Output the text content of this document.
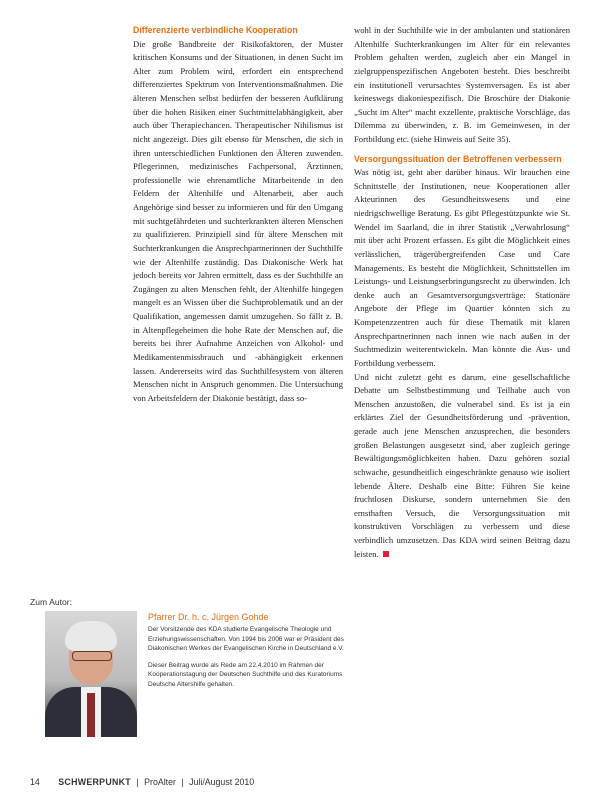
Differenzierte verbindliche Kooperation

Die große Bandbreite der Risikofaktoren, der Muster kritischen Konsums und der Situationen, in denen Sucht im Alter zum Problem wird, erfordert ein entsprechend differenziertes Spektrum von Interventionsmaßnahmen. Die älteren Menschen selbst bedürfen der besseren Aufklärung über die hohen Risiken einer Suchtmittelabhängigkeit, aber auch über Therapiechancen. Therapeutischer Nihilismus ist nicht angezeigt. Dies gilt ebenso für Menschen, die sich in ihren unterschiedlichen Funktionen den Älteren zuwenden. Pflegerinnen, medizinisches Fachpersonal, Ärztinnen, professionelle wie ehrenamtliche Mitarbeitende in den Feldern der Altenhilfe und Altenarbeit, aber auch Angehörige sind besser zu informieren und für den Umgang mit suchtgefährdeten und suchterkrankten älteren Menschen zu qualifizieren. Prinzipiell sind für ältere Menschen mit Suchterkrankungen die Ansprechpartnerinnen der Suchthilfe wie der Altenhilfe zuständig. Das Diakonische Werk hat jedoch bereits vor Jahren ermittelt, dass es der Suchthilfe an Zugängen zu alten Menschen fehlt, der Altenhilfe hingegen mangelt es an Wissen über die Suchtproblematik und an der Qualifikation, angemessen damit umzugehen. So fällt z. B. in Altenpflegeheimen die hohe Rate der Menschen auf, die bereits bei ihrer Aufnahme Anzeichen von Alkohol- und Medikamentenmissbrauch und -abhängigkeit erkennen lassen. Andererseits wird das Suchthilfesystem von älteren Menschen nicht in Anspruch genommen. Die Untersuchung von Arbeitsfeldern der Diakonie bestätigt, dass so-

wohl in der Suchthilfe wie in der ambulanten und stationären Altenhilfe Suchterkrankungen im Alter für ein relevantes Problem gehalten werden, zugleich aber ein Mangel in zielgruppenspezifischen Angeboten besteht. Dies beschreibt ein institutionell verursachtes Systemversagen. Es ist aber keineswegs diakoniespezifisch. Die Broschüre der Diakonie „Sucht im Alter“ macht exzellente, praktische Vorschläge, das Dilemma zu überwinden, z. B. im Gemeinwesen, in der Fortbildung etc. (siehe Hinweis auf Seite 35).

Versorgungssituation der Betroffenen verbessern

Was nötig ist, geht aber darüber hinaus. Wir brauchen eine Schnittstelle der Institutionen, neue Kooperationen aller Akteurinnen des Gesundheitswesens und eine niedrigschwellige Beratung. Es gibt Pflegestützpunkte wie St. Wendel im Saarland, die in ihrer Statistik „Verwahrlosung“ mit über acht Prozent erfassen. Es gibt die Möglichkeit eines verlässlichen, trägerübergreifenden Case und Care Managements. Es besteht die Möglichkeit, Schnittstellen im Leistungs- und Leistungserbringungsrecht zu überwinden. Ich denke auch an Gesamtversorgungsverträge: Stationäre Angebote der Pflege im Quartier könnten sich zu Kompetenzzentren auch für diese Thematik mit klaren Ansprechpartnerinnen nach innen wie nach außen in der Suchtmedizin weiterentwickeln. Man könnte die Aus- und Fortbildung verbessern.

Und nicht zuletzt geht es darum, eine gesellschaftliche Debatte um Selbstbestimmung und Teilhabe auch von Menschen anzustoßen, die vulnerabel sind. Es ist ja ein erklärtes Ziel der Gesundheitsförderung und -prävention, gerade auch jene Menschen anzusprechen, die besonders großen Belastungen ausgesetzt sind, aber zugleich geringe Bewältigungsmöglichkeiten haben. Dazu gehören sozial schwache, gesundheitlich eingeschränkte genauso wie isoliert lebende Ältere. Deshalb eine Bitte: Führen Sie keine fruchtlosen Diskurse, sondern unternehmen Sie den ernsthaften Versuch, die Versorgungssituation mit konstruktiven Vorschlägen zu verbessern und diese verbindlich umzusetzen. Das KDA wird seinen Beitrag dazu leisten.

Zum Autor:
Pfarrer Dr. h. c. Jürgen Gohde

Der Vorsitzende des KDA studierte Evangelische Theologie und Erziehungswissenschaften. Von 1994 bis 2006 war er Präsident des Diakonischen Werkes der Evangelischen Kirche in Deutschland e.V.

Dieser Beitrag wurde als Rede am 22.4.2010 im Rahmen der Kooperationstagung der Deutschen Suchthilfe und des Kuratoriums Deutsche Altershilfe gehalten.

14 SCHWERPUNKT | ProAlter | Juli/August 2010
